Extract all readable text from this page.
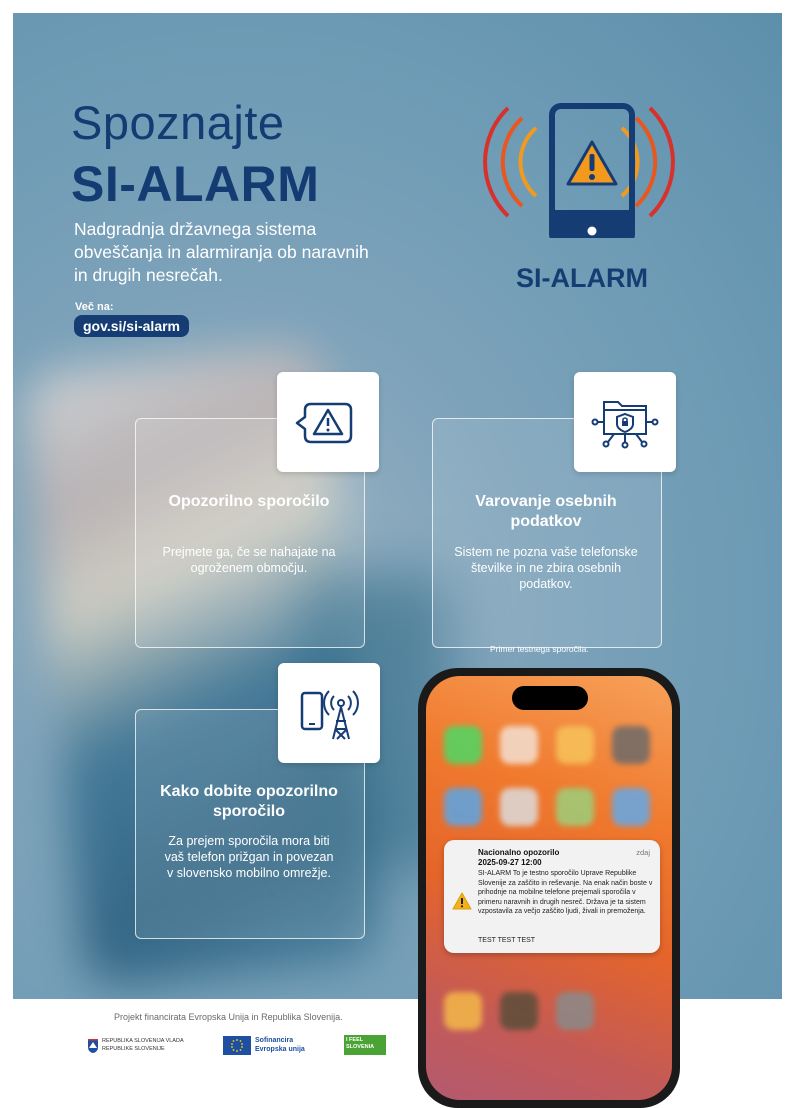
Spoznajte
SI-ALARM
Nadgradnja državnega sistema obveščanja in alarmiranja ob naravnih in drugih nesrečah.
Več na:
gov.si/si-alarm
SI-ALARM
Opozorilno sporočilo
Prejmete ga, če se nahajate na ogroženem območju.
Varovanje osebnih podatkov
Sistem ne pozna vaše telefonske številke in ne zbira osebnih podatkov.
Kako dobite opozorilno sporočilo
Za prejem sporočila mora biti vaš telefon prižgan in povezan v slovensko mobilno omrežje.
Projekt financirata Evropska Unija in Republika Slovenija.
REPUBLIKA SLOVENIJA VLADA REPUBLIKE SLOVENIJE
Sofinancira Evropska unija
I FEEL SLOVENIA
Primer testnega sporočila.
Nacionalno opozorilo
2025-09-27 12:00
zdaj
SI-ALARM To je testno sporočilo Uprave Republike Slovenije za zaščito in reševanje. Na enak način boste v prihodnje na mobilne telefone prejemali sporočila v primeru naravnih in drugih nesreč. Država je ta sistem vzpostavila za večjo zaščito ljudi, živali in premoženja.
TEST TEST TEST
